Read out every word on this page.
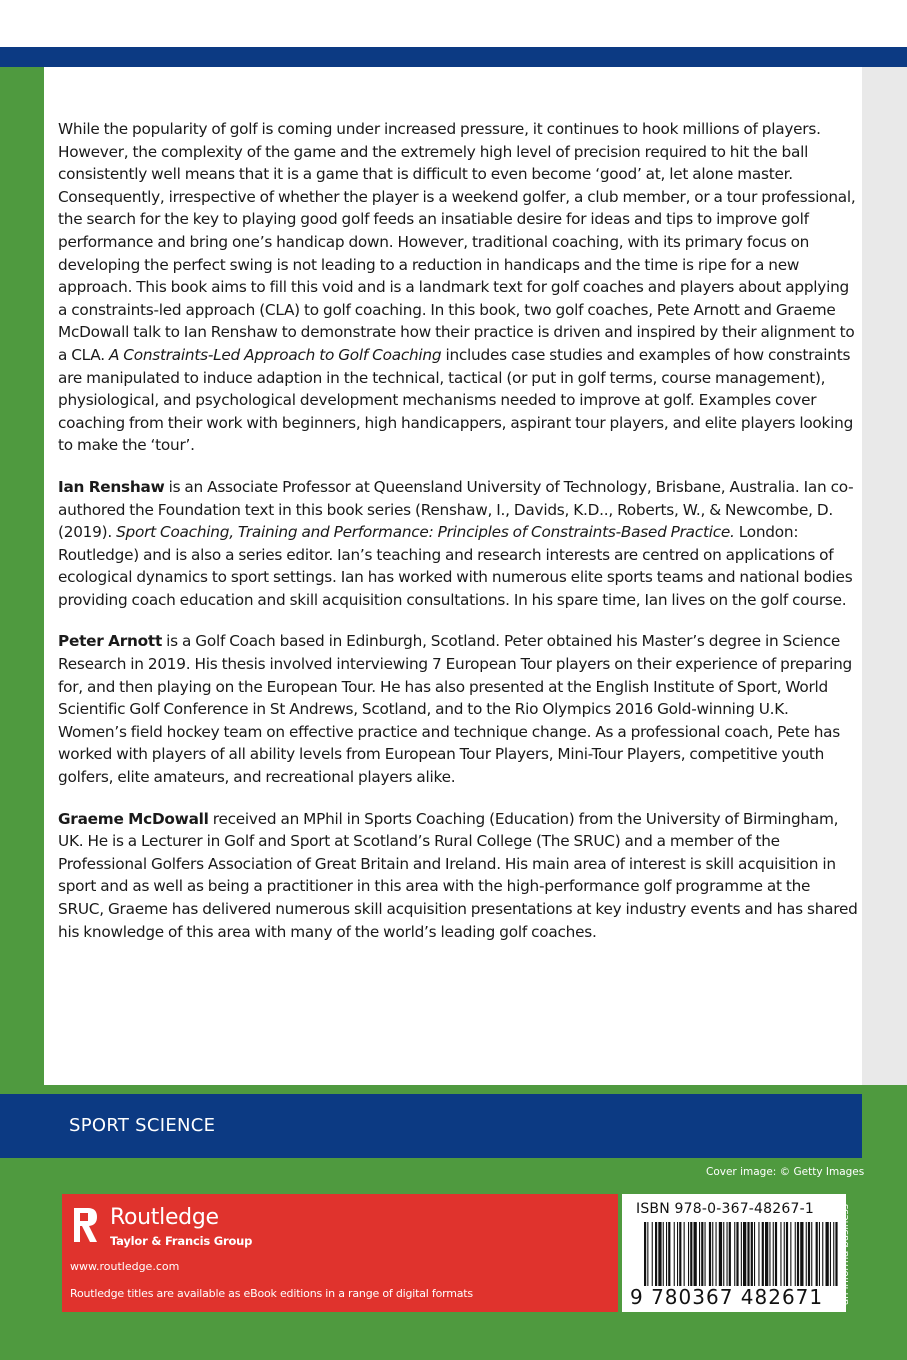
While the popularity of golf is coming under increased pressure, it continues to hook millions of players. However, the complexity of the game and the extremely high level of precision required to hit the ball consistently well means that it is a game that is difficult to even become ‘good’ at, let alone master. Consequently, irrespective of whether the player is a weekend golfer, a club member, or a tour professional, the search for the key to playing good golf feeds an insatiable desire for ideas and tips to improve golf performance and bring one’s handicap down. However, traditional coaching, with its primary focus on developing the perfect swing is not leading to a reduction in handicaps and the time is ripe for a new approach. This book aims to fill this void and is a landmark text for golf coaches and players about applying a constraints-led approach (CLA) to golf coaching. In this book, two golf coaches, Pete Arnott and Graeme McDowall talk to Ian Renshaw to demonstrate how their practice is driven and inspired by their alignment to a CLA. A Constraints-Led Approach to Golf Coaching includes case studies and examples of how constraints are manipulated to induce adaption in the technical, tactical (or put in golf terms, course management), physiological, and psychological development mechanisms needed to improve at golf. Examples cover coaching from their work with beginners, high handicappers, aspirant tour players, and elite players looking to make the ‘tour’.

Ian Renshaw is an Associate Professor at Queensland University of Technology, Brisbane, Australia. Ian co-authored the Foundation text in this book series (Renshaw, I., Davids, K.D.., Roberts, W., & Newcombe, D. (2019). Sport Coaching, Training and Performance: Principles of Constraints-Based Practice. London: Routledge) and is also a series editor. Ian’s teaching and research interests are centred on applications of ecological dynamics to sport settings. Ian has worked with numerous elite sports teams and national bodies providing coach education and skill acquisition consultations. In his spare time, Ian lives on the golf course.

Peter Arnott is a Golf Coach based in Edinburgh, Scotland. Peter obtained his Master’s degree in Science Research in 2019. His thesis involved interviewing 7 European Tour players on their experience of preparing for, and then playing on the European Tour. He has also presented at the English Institute of Sport, World Scientific Golf Conference in St Andrews, Scotland, and to the Rio Olympics 2016 Gold-winning U.K. Women’s field hockey team on effective practice and technique change. As a professional coach, Pete has worked with players of all ability levels from European Tour Players, Mini-Tour Players, competitive youth golfers, elite amateurs, and recreational players alike.

Graeme McDowall received an MPhil in Sports Coaching (Education) from the University of Birmingham, UK. He is a Lecturer in Golf and Sport at Scotland’s Rural College (The SRUC) and a member of the Professional Golfers Association of Great Britain and Ireland. His main area of interest is skill acquisition in sport and as well as being a practitioner in this area with the high-performance golf programme at the SRUC, Graeme has delivered numerous skill acquisition presentations at key industry events and has shared his knowledge of this area with many of the world’s leading golf coaches.

SPORT SCIENCE
Cover image: © Getty Images
Routledge
Taylor & Francis Group
www.routledge.com
Routledge titles are available as eBook editions in a range of digital formats
ISBN 978-0-367-48267-1
9 780367 482671 an informa business
